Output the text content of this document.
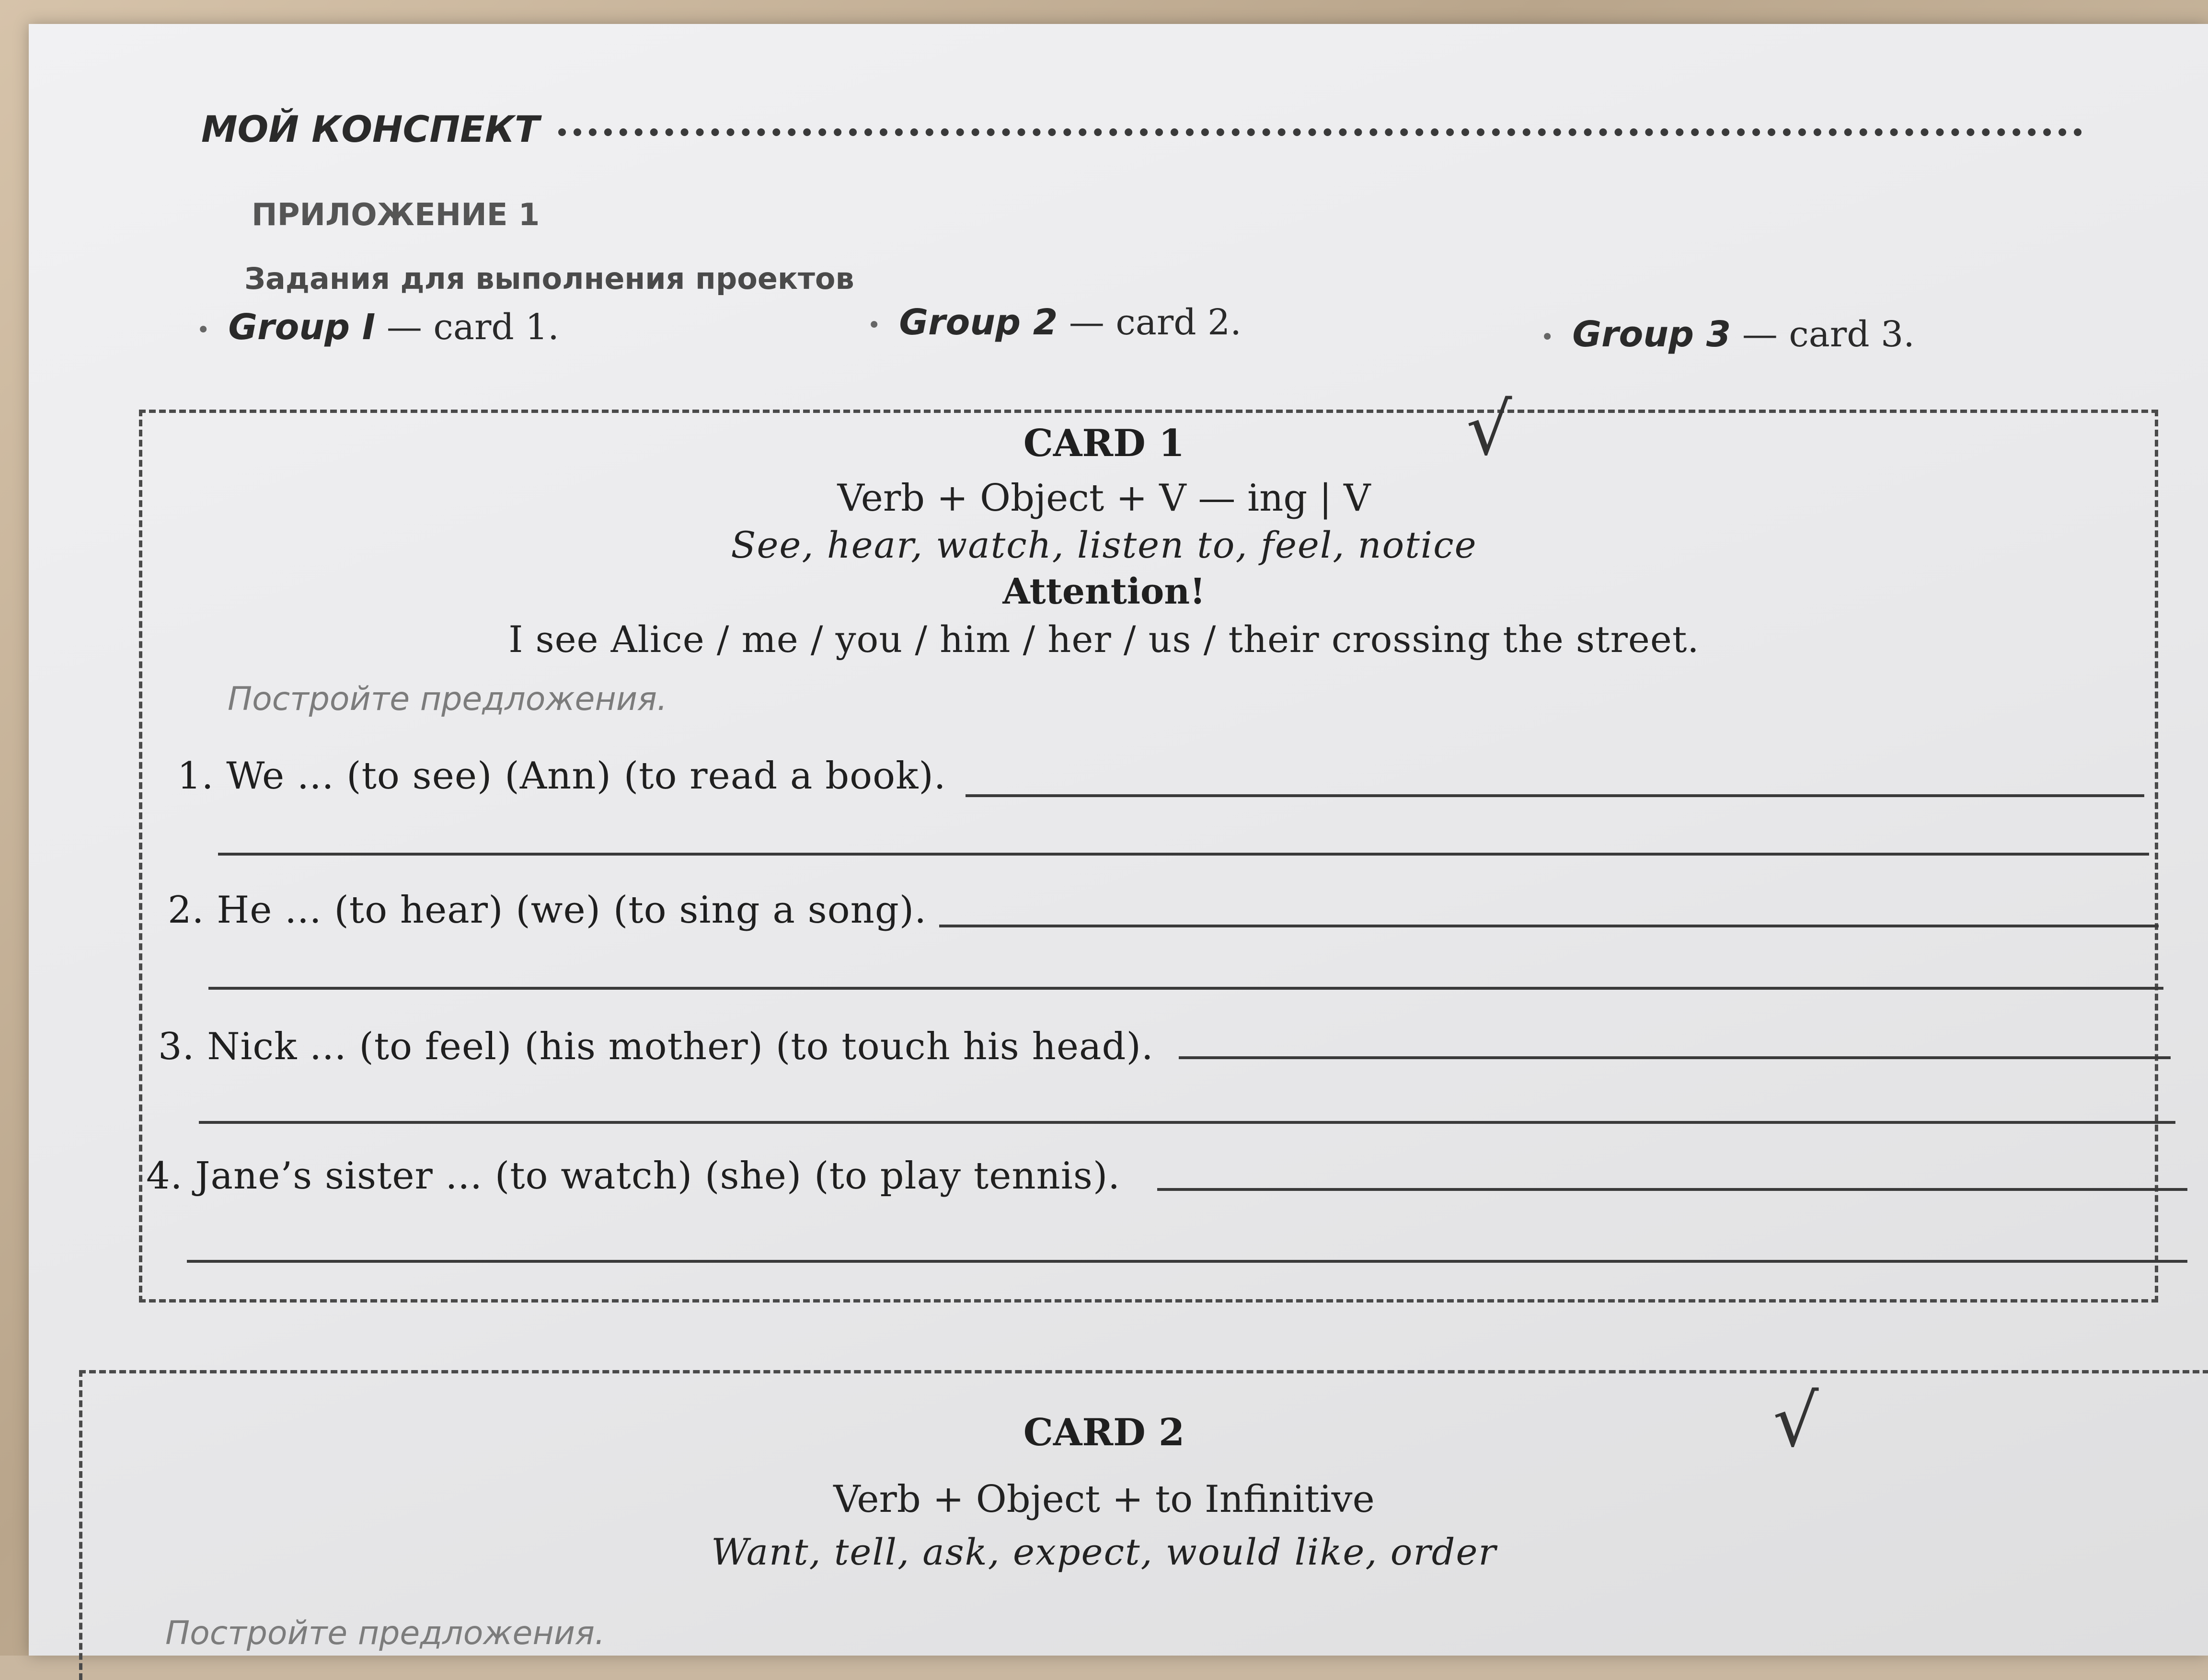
МОЙ КОНСПЕКТ
ПРИЛОЖЕНИЕ 1
Задания для выполнения проектов
• Group I — card 1.	• Group 2 — card 2.	• Group 3 — card 3.
CARD 1	√
Verb + Object + V — ing | V
See, hear, watch, listen to, feel, notice
Attention!
I see Alice / me / you / him / her / us / their crossing the street.
Постройте предложения.
1. We ... (to see) (Ann) (to read a book).
2. He ... (to hear) (we) (to sing a song).
3. Nick ... (to feel) (his mother) (to touch his head).
4. Jane’s sister ... (to watch) (she) (to play tennis).
CARD 2	√
Verb + Object + to Infinitive
Want, tell, ask, expect, would like, order
Постройте предложения.
